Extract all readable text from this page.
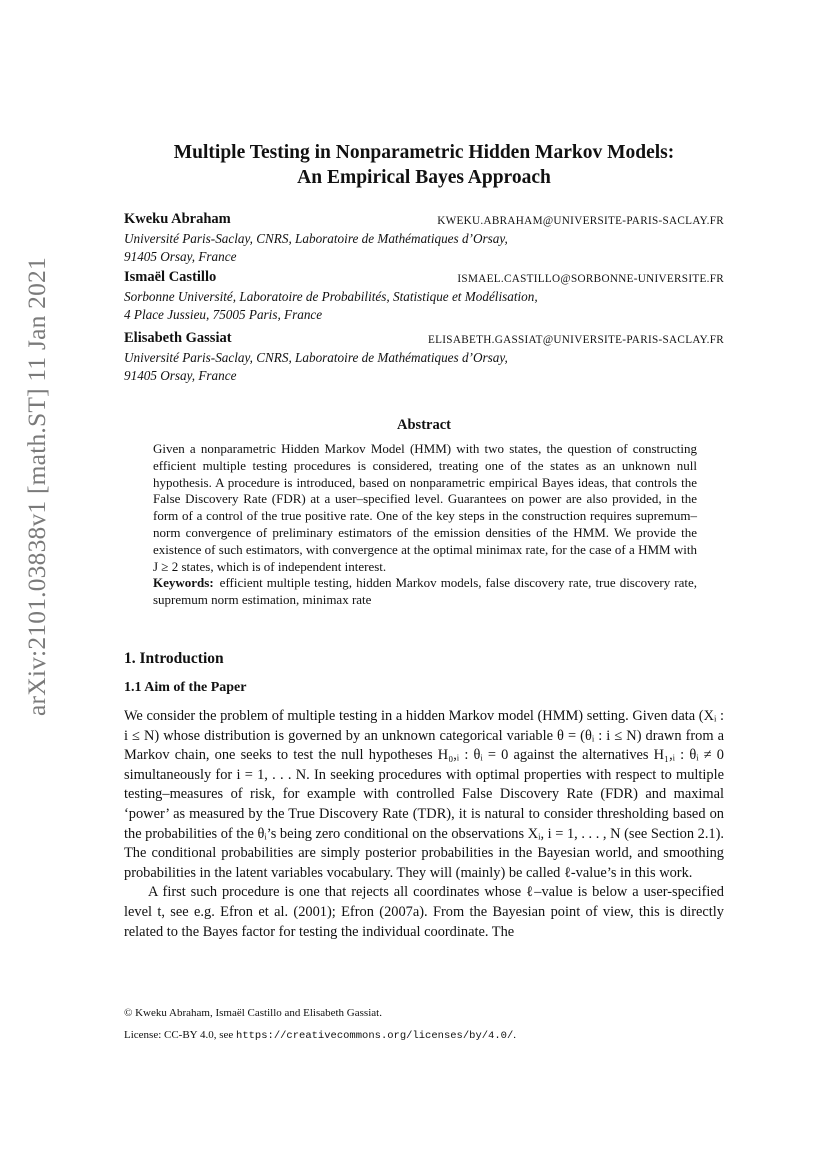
arXiv:2101.03838v1 [math.ST] 11 Jan 2021
Multiple Testing in Nonparametric Hidden Markov Models:
An Empirical Bayes Approach
Kweku Abraham	KWEKU.ABRAHAM@UNIVERSITE-PARIS-SACLAY.FR
Université Paris-Saclay, CNRS, Laboratoire de Mathématiques d’Orsay,
91405 Orsay, France
Ismaël Castillo	ISMAEL.CASTILLO@SORBONNE-UNIVERSITE.FR
Sorbonne Université, Laboratoire de Probabilités, Statistique et Modélisation,
4 Place Jussieu, 75005 Paris, France
Elisabeth Gassiat	ELISABETH.GASSIAT@UNIVERSITE-PARIS-SACLAY.FR
Université Paris-Saclay, CNRS, Laboratoire de Mathématiques d’Orsay,
91405 Orsay, France
Abstract
Given a nonparametric Hidden Markov Model (HMM) with two states, the question of constructing efficient multiple testing procedures is considered, treating one of the states as an unknown null hypothesis. A procedure is introduced, based on nonparametric empirical Bayes ideas, that controls the False Discovery Rate (FDR) at a user–specified level. Guarantees on power are also provided, in the form of a control of the true positive rate. One of the key steps in the construction requires supremum–norm convergence of preliminary estimators of the emission densities of the HMM. We provide the existence of such estimators, with convergence at the optimal minimax rate, for the case of a HMM with J ≥ 2 states, which is of independent interest.
Keywords: efficient multiple testing, hidden Markov models, false discovery rate, true discovery rate, supremum norm estimation, minimax rate
1. Introduction
1.1 Aim of the Paper

We consider the problem of multiple testing in a hidden Markov model (HMM) setting. Given data (Xᵢ : i ≤ N) whose distribution is governed by an unknown categorical variable θ = (θᵢ : i ≤ N) drawn from a Markov chain, one seeks to test the null hypotheses H₀,ᵢ : θᵢ = 0 against the alternatives H₁,ᵢ : θᵢ ≠ 0 simultaneously for i = 1, . . . N. In seeking procedures with optimal properties with respect to multiple testing–measures of risk, for example with controlled False Discovery Rate (FDR) and maximal ‘power’ as measured by the True Discovery Rate (TDR), it is natural to consider thresholding based on the probabilities of the θᵢ’s being zero conditional on the observations Xᵢ, i = 1, . . . , N (see Section 2.1). The conditional probabilities are simply posterior probabilities in the Bayesian world, and smoothing probabilities in the latent variables vocabulary. They will (mainly) be called ℓ-value’s in this work.

A first such procedure is one that rejects all coordinates whose ℓ–value is below a user-specified level t, see e.g. Efron et al. (2001); Efron (2007a). From the Bayesian point of view, this is directly related to the Bayes factor for testing the individual coordinate. The

© Kweku Abraham, Ismaël Castillo and Elisabeth Gassiat.
License: CC-BY 4.0, see https://creativecommons.org/licenses/by/4.0/.
